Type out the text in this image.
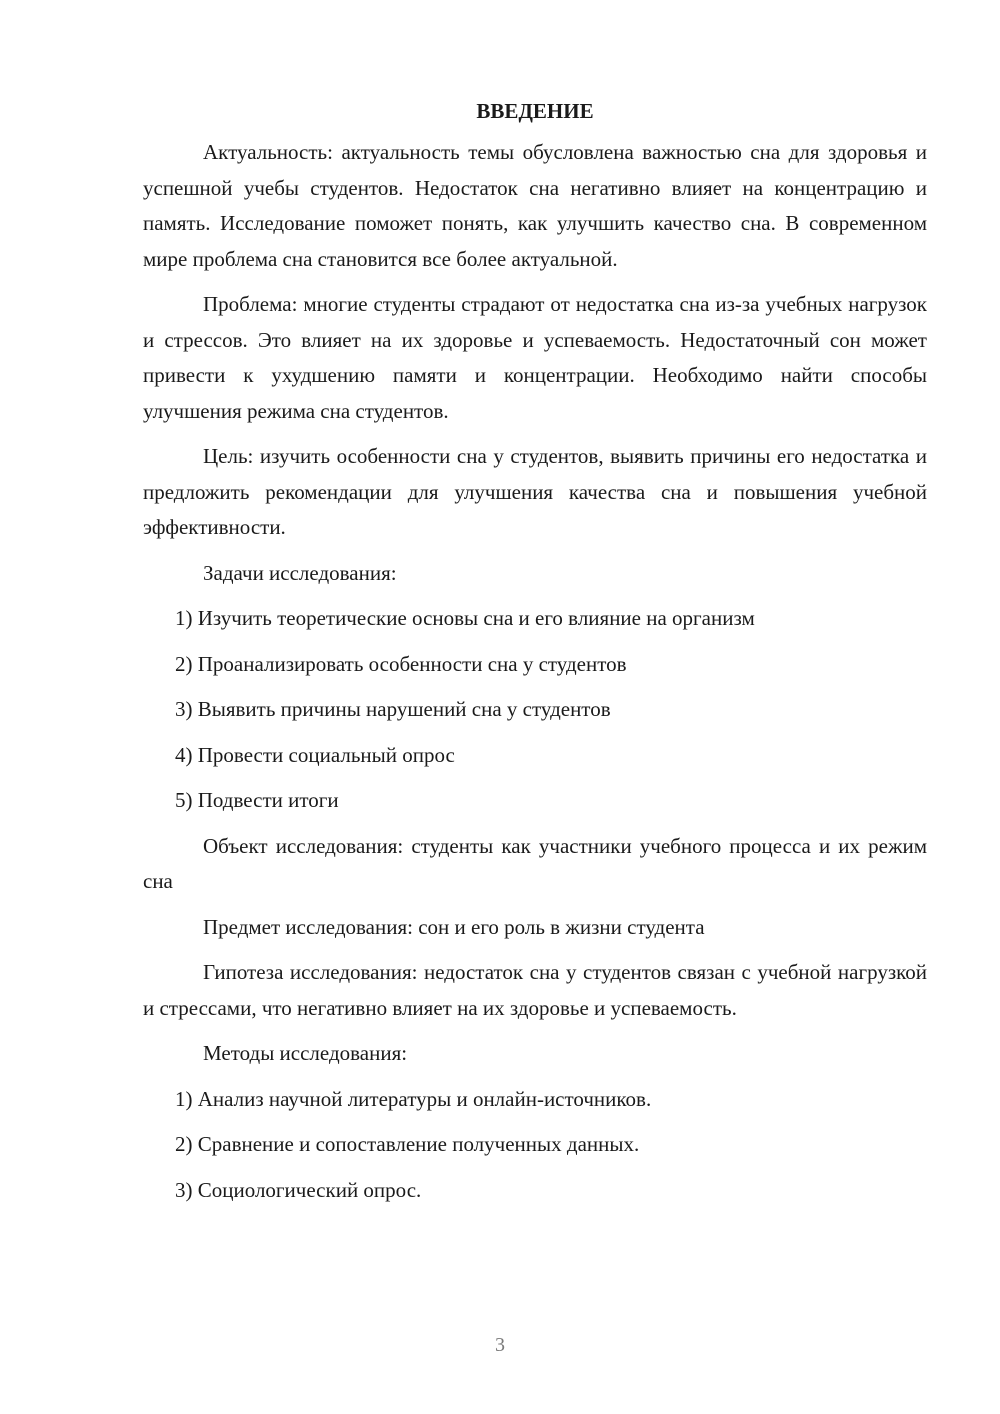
ВВЕДЕНИЕ

Актуальность: актуальность темы обусловлена важностью сна для здоровья и успешной учебы студентов. Недостаток сна негативно влияет на концентрацию и память. Исследование поможет понять, как улучшить качество сна. В современном мире проблема сна становится все более актуальной.

Проблема: многие студенты страдают от недостатка сна из-за учебных нагрузок и стрессов. Это влияет на их здоровье и успеваемость. Недостаточный сон может привести к ухудшению памяти и концентрации. Необходимо найти способы улучшения режима сна студентов.

Цель: изучить особенности сна у студентов, выявить причины его недостатка и предложить рекомендации для улучшения качества сна и повышения учебной эффективности.

Задачи исследования:

1) Изучить теоретические основы сна и его влияние на организм

2) Проанализировать особенности сна у студентов

3) Выявить причины нарушений сна у студентов

4) Провести социальный опрос

5) Подвести итоги

Объект исследования: студенты как участники учебного процесса и их режим сна

Предмет исследования: сон и его роль в жизни студента

Гипотеза исследования: недостаток сна у студентов связан с учебной нагрузкой и стрессами, что негативно влияет на их здоровье и успеваемость.

Методы исследования:

1) Анализ научной литературы и онлайн-источников.

2) Сравнение и сопоставление полученных данных.

3) Социологический опрос.

3
